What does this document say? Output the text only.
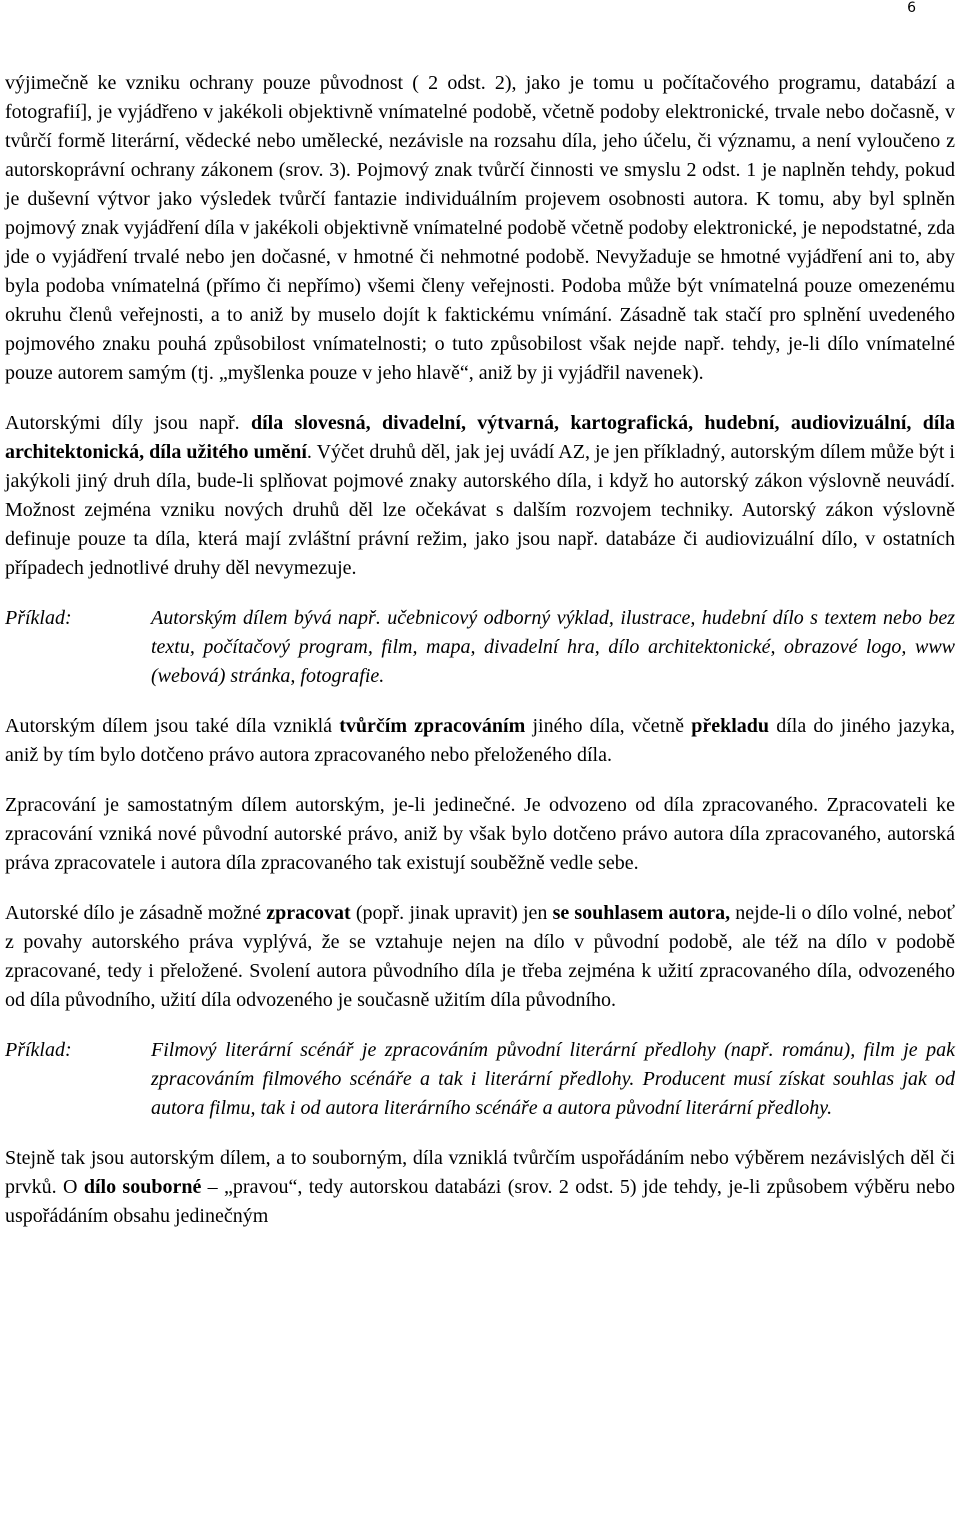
6

výjimečně ke vzniku ochrany pouze původnost ( 2 odst. 2), jako je tomu u počítačového programu, databází a fotografií], je vyjádřeno v jakékoli objektivně vnímatelné podobě, včetně podoby elektronické, trvale nebo dočasně, v tvůrčí formě literární, vědecké nebo umělecké, nezávisle na rozsahu díla, jeho účelu, či významu, a není vyloučeno z autorskoprávní ochrany zákonem (srov. 3). Pojmový znak tvůrčí činnosti ve smyslu 2 odst. 1 je naplněn tehdy, pokud je duševní výtvor jako výsledek tvůrčí fantazie individuálním projevem osobnosti autora. K tomu, aby byl splněn pojmový znak vyjádření díla v jakékoli objektivně vnímatelné podobě včetně podoby elektronické, je nepodstatné, zda jde o vyjádření trvalé nebo jen dočasné, v hmotné či nehmotné podobě. Nevyžaduje se hmotné vyjádření ani to, aby byla podoba vnímatelná (přímo či nepřímo) všemi členy veřejnosti. Podoba může být vnímatelná pouze omezenému okruhu členů veřejnosti, a to aniž by muselo dojít k faktickému vnímání. Zásadně tak stačí pro splnění uvedeného pojmového znaku pouhá způsobilost vnímatelnosti; o tuto způsobilost však nejde např. tehdy, je-li dílo vnímatelné pouze autorem samým (tj. „myšlenka pouze v jeho hlavě“, aniž by ji vyjádřil navenek).

Autorskými díly jsou např. díla slovesná, divadelní, výtvarná, kartografická, hudební, audiovizuální, díla architektonická, díla užitého umění. Výčet druhů děl, jak jej uvádí AZ, je jen příkladný, autorským dílem může být i jakýkoli jiný druh díla, bude-li splňovat pojmové znaky autorského díla, i když ho autorský zákon výslovně neuvádí. Možnost zejména vzniku nových druhů děl lze očekávat s dalším rozvojem techniky. Autorský zákon výslovně definuje pouze ta díla, která mají zvláštní právní režim, jako jsou např. databáze či audiovizuální dílo, v ostatních případech jednotlivé druhy děl nevymezuje.

Příklad:	Autorským dílem bývá např. učebnicový odborný výklad, ilustrace, hudební dílo s textem nebo bez textu, počítačový program, film, mapa, divadelní hra, dílo architektonické, obrazové logo, www (webová) stránka, fotografie.

Autorským dílem jsou také díla vzniklá tvůrčím zpracováním jiného díla, včetně překladu díla do jiného jazyka, aniž by tím bylo dotčeno právo autora zpracovaného nebo přeloženého díla.

Zpracování je samostatným dílem autorským, je-li jedinečné. Je odvozeno od díla zpracovaného. Zpracovateli ke zpracování vzniká nové původní autorské právo, aniž by však bylo dotčeno právo autora díla zpracovaného, autorská práva zpracovatele i autora díla zpracovaného tak existují souběžně vedle sebe.

Autorské dílo je zásadně možné zpracovat (popř. jinak upravit) jen se souhlasem autora, nejde-li o dílo volné, neboť z povahy autorského práva vyplývá, že se vztahuje nejen na dílo v původní podobě, ale též na dílo v podobě zpracované, tedy i přeložené. Svolení autora původního díla je třeba zejména k užití zpracovaného díla, odvozeného od díla původního, užití díla odvozeného je současně užitím díla původního.

Příklad:	Filmový literární scénář je zpracováním původní literární předlohy (např. románu), film je pak zpracováním filmového scénáře a tak i literární předlohy. Producent musí získat souhlas jak od autora filmu, tak i od autora literárního scénáře a autora původní literární předlohy.

Stejně tak jsou autorským dílem, a to souborným, díla vzniklá tvůrčím uspořádáním nebo výběrem nezávislých děl či prvků. O dílo souborné – „pravou“, tedy autorskou databázi (srov. 2 odst. 5) jde tehdy, je-li způsobem výběru nebo uspořádáním obsahu jedinečným
